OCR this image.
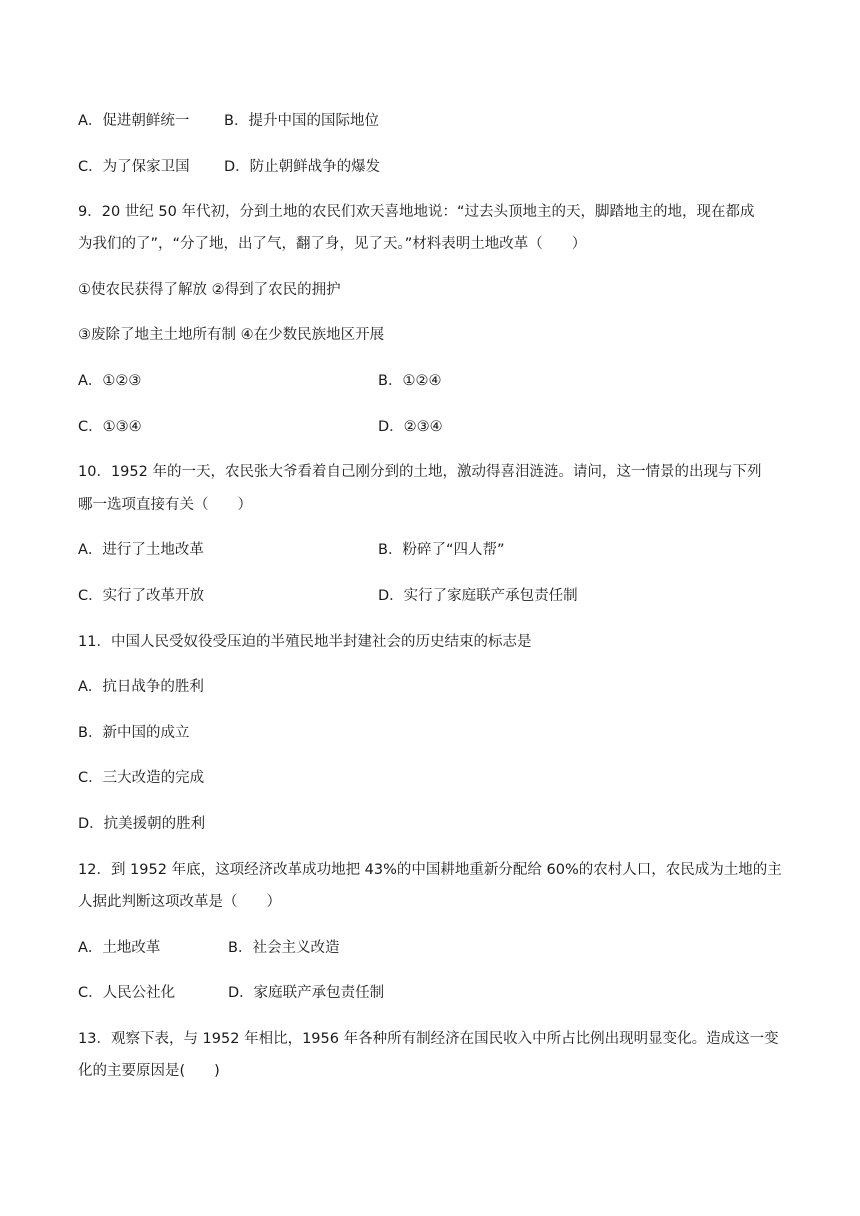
A．促进朝鲜统一 B．提升中国的国际地位
C．为了保家卫国 D．防止朝鲜战争的爆发
9．20 世纪 50 年代初，分到土地的农民们欢天喜地地说：“过去头顶地主的天，脚踏地主的地，现在都成
为我们的了”，“分了地，出了气，翻了身，见了天。”材料表明土地改革（　　）
①使农民获得了解放 ②得到了农民的拥护
③废除了地主土地所有制 ④在少数民族地区开展
A．①②③	B．①②④
C．①③④	D．②③④
10．1952 年的一天，农民张大爷看着自己刚分到的土地，激动得喜泪涟涟。请问，这一情景的出现与下列
哪一选项直接有关（　　）
A．进行了土地改革	B．粉碎了“四人帮”
C．实行了改革开放	D．实行了家庭联产承包责任制
11．中国人民受奴役受压迫的半殖民地半封建社会的历史结束的标志是
A．抗日战争的胜利
B．新中国的成立
C．三大改造的完成
D．抗美援朝的胜利
12．到 1952 年底，这项经济改革成功地把 43%的中国耕地重新分配给 60%的农村人口，农民成为土地的主
人据此判断这项改革是（　　）
A．土地改革	B．社会主义改造
C．人民公社化	D．家庭联产承包责任制
13．观察下表，与 1952 年相比，1956 年各种所有制经济在国民收入中所占比例出现明显变化。造成这一变
化的主要原因是(　　)
